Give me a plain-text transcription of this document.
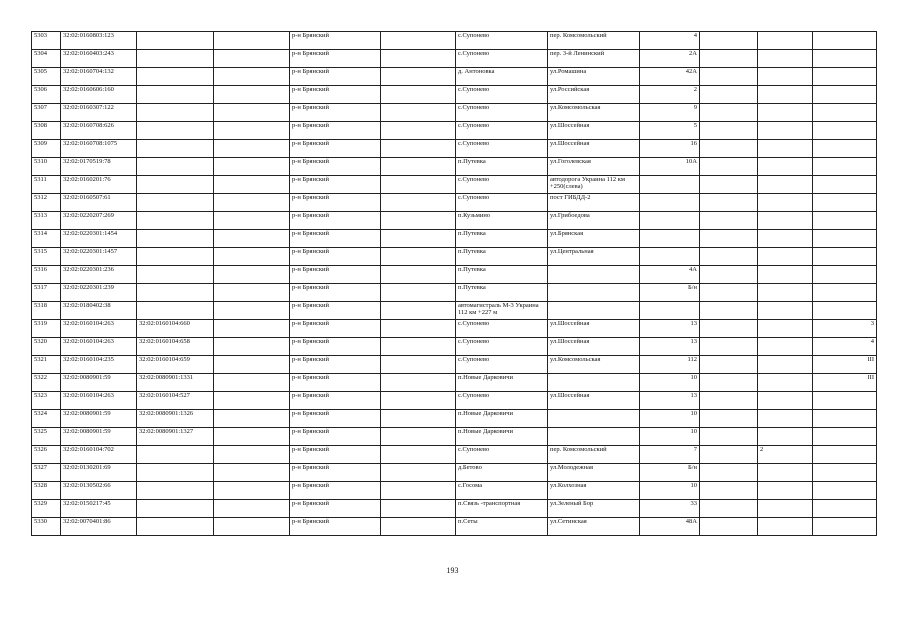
5303	32:02:0160803:123			р-н Брянский		с.Супонево	пер. Комсомольский	4			
5304	32:02:0160403:243			р-н Брянский		с.Супонево	пер. 3-й Ленинский	2А			
5305	32:02:0160704:132			р-н Брянский		д. Антоновка	ул.Ромашина	42А			
5306	32:02:0160606:160			р-н Брянский		с.Супонево	ул.Российская	2			
5307	32:02:0160307:122			р-н Брянский		с.Супонево	ул.Комсомольская	9			
5308	32:02:0160708:626			р-н Брянский		с.Супонево	ул.Шоссейная	5			
5309	32:02:0160708:1075			р-н Брянский		с.Супонево	ул.Шоссейная	16			
5310	32:02:0170519:78			р-н Брянский		п.Путевка	ул.Гоголевская	10А			
5311	32:02:0160201:76			р-н Брянский		с.Супонево	автодорога Украина 112 км +250(слева)				
5312	32:02:0160507:61			р-н Брянский		с.Супонево	пост ГИБДД-2				
5313	32:02:0220207:269			р-н Брянский		п.Кузьмино	ул.Грибоедова				
5314	32:02:0220301:1454			р-н Брянский		п.Путевка	ул.Брянская				
5315	32:02:0220301:1457			р-н Брянский		п.Путевка	ул.Центральная				
5316	32:02:0220301:236			р-н Брянский		п.Путевка		4А			
5317	32:02:0220301:239			р-н Брянский		п.Путевка		Б/н			
5318	32:02:0180402:38			р-н Брянский		автомагистраль М-3 Украина 112 км +227 м					
5319	32:02:0160104:263	32:02:0160104:660		р-н Брянский		с.Супонево	ул.Шоссейная	13			3
5320	32:02:0160104:263	32:02:0160104:658		р-н Брянский		с.Супонево	ул.Шоссейная	13			4
5321	32:02:0160104:235	32:02:0160104:659		р-н Брянский		с.Супонево	ул.Комсомольская	112			III
5322	32:02:0080901:59	32:02:0080901:1331		р-н Брянский		п.Новые Дарковичи		10			III
5323	32:02:0160104:263	32:02:0160104:527		р-н Брянский		с.Супонево	ул.Шоссейная	13			
5324	32:02:0080901:59	32:02:0080901:1326		р-н Брянский		п.Новые Дарковичи		10			
5325	32:02:0080901:59	32:02:0080901:1327		р-н Брянский		п.Новые Дарковичи		10			
5326	32:02:0160104:702			р-н Брянский		с.Супонево	пер. Комсомольский	7		2	
5327	32:02:0130201:69			р-н Брянский		д.Бетово	ул.Молодежная	Б/н			
5328	32:02:0130502:66			р-н Брянский		с.Госома	ул.Колхозная	10			
5329	32:02:0150217:45			р-н Брянский		п.Связь -транспортная	ул.Зеленый Бор	33			
5330	32:02:0070401:86			р-н Брянский		п.Сеты	ул.Сетинская	48А			
193
